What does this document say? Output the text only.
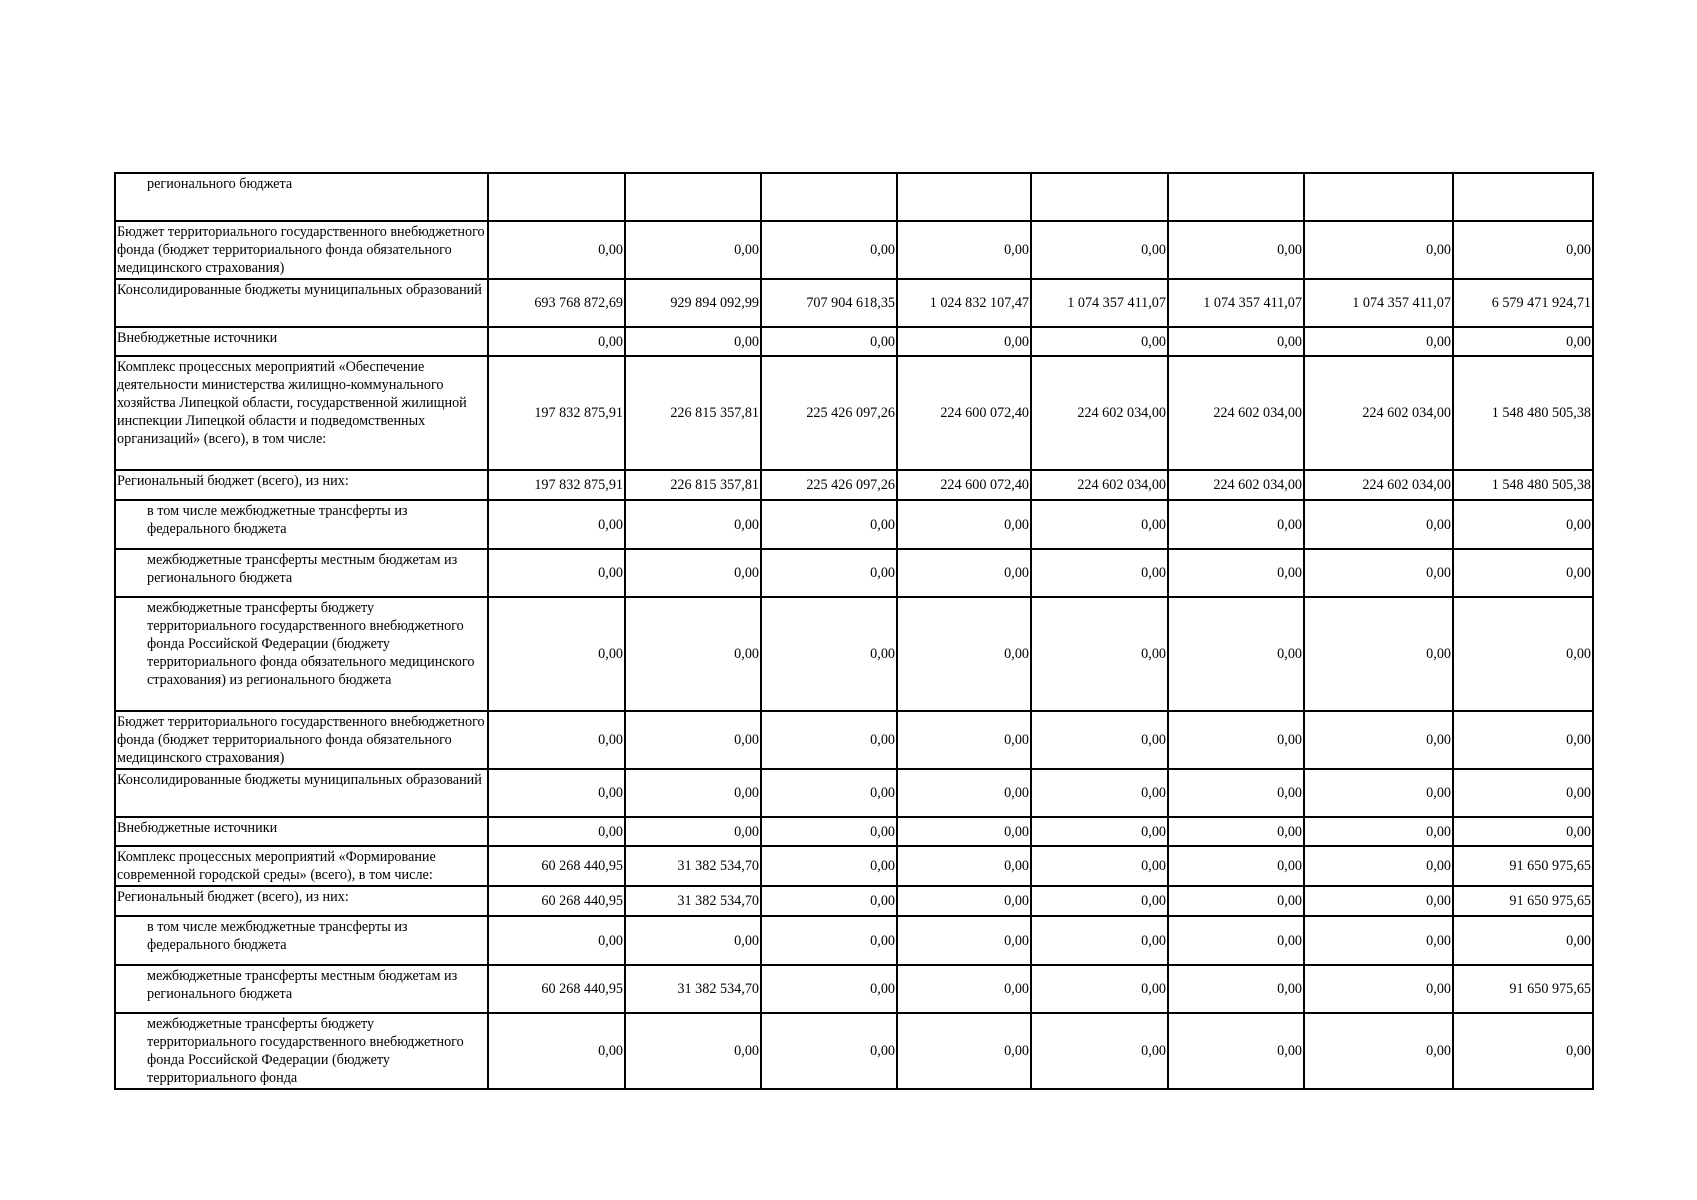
регионального бюджета								

Бюджет территориального государственного внебюджетного фонда (бюджет территориального фонда обязательного медицинского страхования)	0,00	0,00	0,00	0,00	0,00	0,00	0,00	0,00
Консолидированные бюджеты муниципальных образований	693 768 872,69	929 894 092,99	707 904 618,35	1 024 832 107,47	1 074 357 411,07	1 074 357 411,07	1 074 357 411,07	6 579 471 924,71
Внебюджетные источники	0,00	0,00	0,00	0,00	0,00	0,00	0,00	0,00
Комплекс процессных мероприятий «Обеспечение деятельности министерства жилищно-коммунального хозяйства Липецкой области, государственной жилищной инспекции Липецкой области и подведомственных организаций» (всего), в том числе:	197 832 875,91	226 815 357,81	225 426 097,26	224 600 072,40	224 602 034,00	224 602 034,00	224 602 034,00	1 548 480 505,38
Региональный бюджет (всего), из них:	197 832 875,91	226 815 357,81	225 426 097,26	224 600 072,40	224 602 034,00	224 602 034,00	224 602 034,00	1 548 480 505,38

в том числе межбюджетные трансферты из федерального бюджета	0,00	0,00	0,00	0,00	0,00	0,00	0,00	0,00

межбюджетные трансферты местным бюджетам из регионального бюджета	0,00	0,00	0,00	0,00	0,00	0,00	0,00	0,00

межбюджетные трансферты бюджету территориального государственного внебюджетного фонда Российской Федерации (бюджету территориального фонда обязательного медицинского страхования) из регионального бюджета	0,00	0,00	0,00	0,00	0,00	0,00	0,00	0,00
Бюджет территориального государственного внебюджетного фонда (бюджет территориального фонда обязательного медицинского страхования)	0,00	0,00	0,00	0,00	0,00	0,00	0,00	0,00
Консолидированные бюджеты муниципальных образований	0,00	0,00	0,00	0,00	0,00	0,00	0,00	0,00
Внебюджетные источники	0,00	0,00	0,00	0,00	0,00	0,00	0,00	0,00
Комплекс процессных мероприятий «Формирование современной городской среды» (всего), в том числе:	60 268 440,95	31 382 534,70	0,00	0,00	0,00	0,00	0,00	91 650 975,65
Региональный бюджет (всего), из них:	60 268 440,95	31 382 534,70	0,00	0,00	0,00	0,00	0,00	91 650 975,65

в том числе межбюджетные трансферты из федерального бюджета	0,00	0,00	0,00	0,00	0,00	0,00	0,00	0,00

межбюджетные трансферты местным бюджетам из регионального бюджета	60 268 440,95	31 382 534,70	0,00	0,00	0,00	0,00	0,00	91 650 975,65

межбюджетные трансферты бюджету территориального государственного внебюджетного фонда Российской Федерации (бюджету территориального фонда	0,00	0,00	0,00	0,00	0,00	0,00	0,00	0,00
